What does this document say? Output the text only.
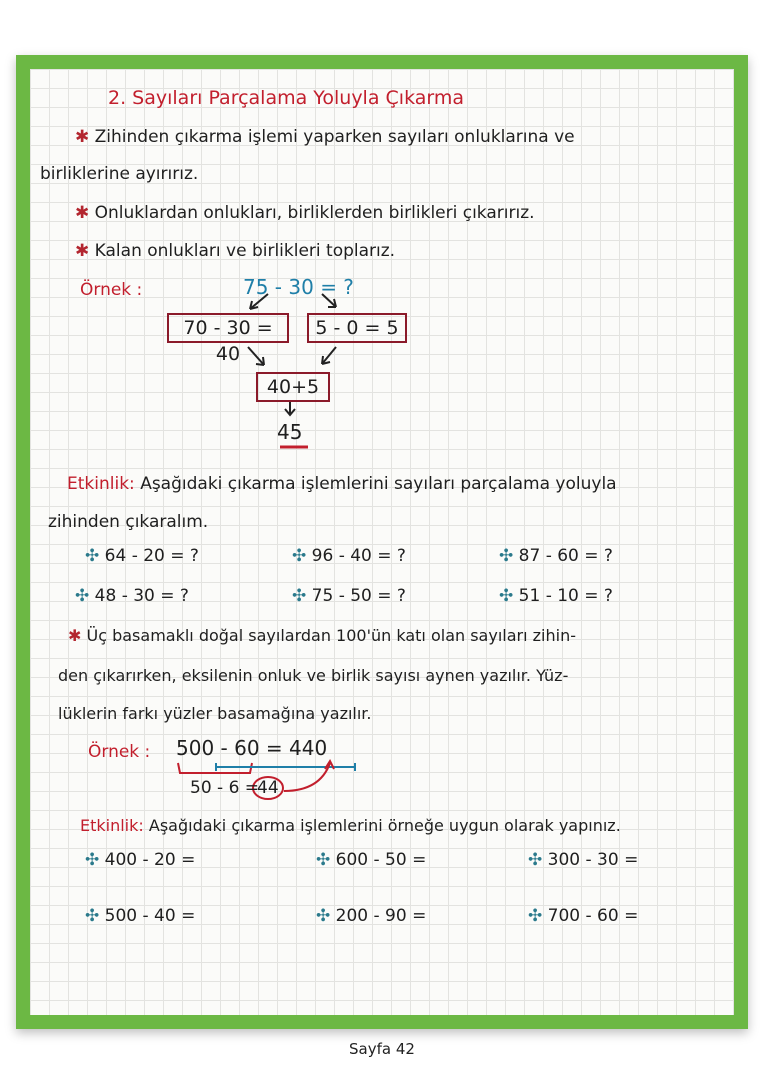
2. Sayıları Parçalama Yoluyla Çıkarma
✱ Zihinden çıkarma işlemi yaparken sayıları onluklarına ve
birliklerine ayırırız.
✱ Onluklardan onlukları, birliklerden birlikleri çıkarırız.
✱ Kalan onlukları ve birlikleri toplarız.
Örnek :	75 - 30 = ?
70 - 30 = 40
5 - 0 = 5
40+5
45
Etkinlik: Aşağıdaki çıkarma işlemlerini sayıları parçalama yoluyla
zihinden çıkaralım.
✣ 64 - 20 = ?	✣ 96 - 40 = ?	✣ 87 - 60 = ?
✣ 48 - 30 = ?	✣ 75 - 50 = ?	✣ 51 - 10 = ?
✱ Üç basamaklı doğal sayılardan 100'ün katı olan sayıları zihin-
den çıkarırken, eksilenin onluk ve birlik sayısı aynen yazılır. Yüz-
lüklerin farkı yüzler basamağına yazılır.
Örnek : 500 - 60 = 440
50 - 6 =
44
Etkinlik: Aşağıdaki çıkarma işlemlerini örneğe uygun olarak yapınız.
✣ 400 - 20 =	✣ 600 - 50 =	✣ 300 - 30 =
✣ 500 - 40 =	✣ 200 - 90 =	✣ 700 - 60 =
Sayfa 42
